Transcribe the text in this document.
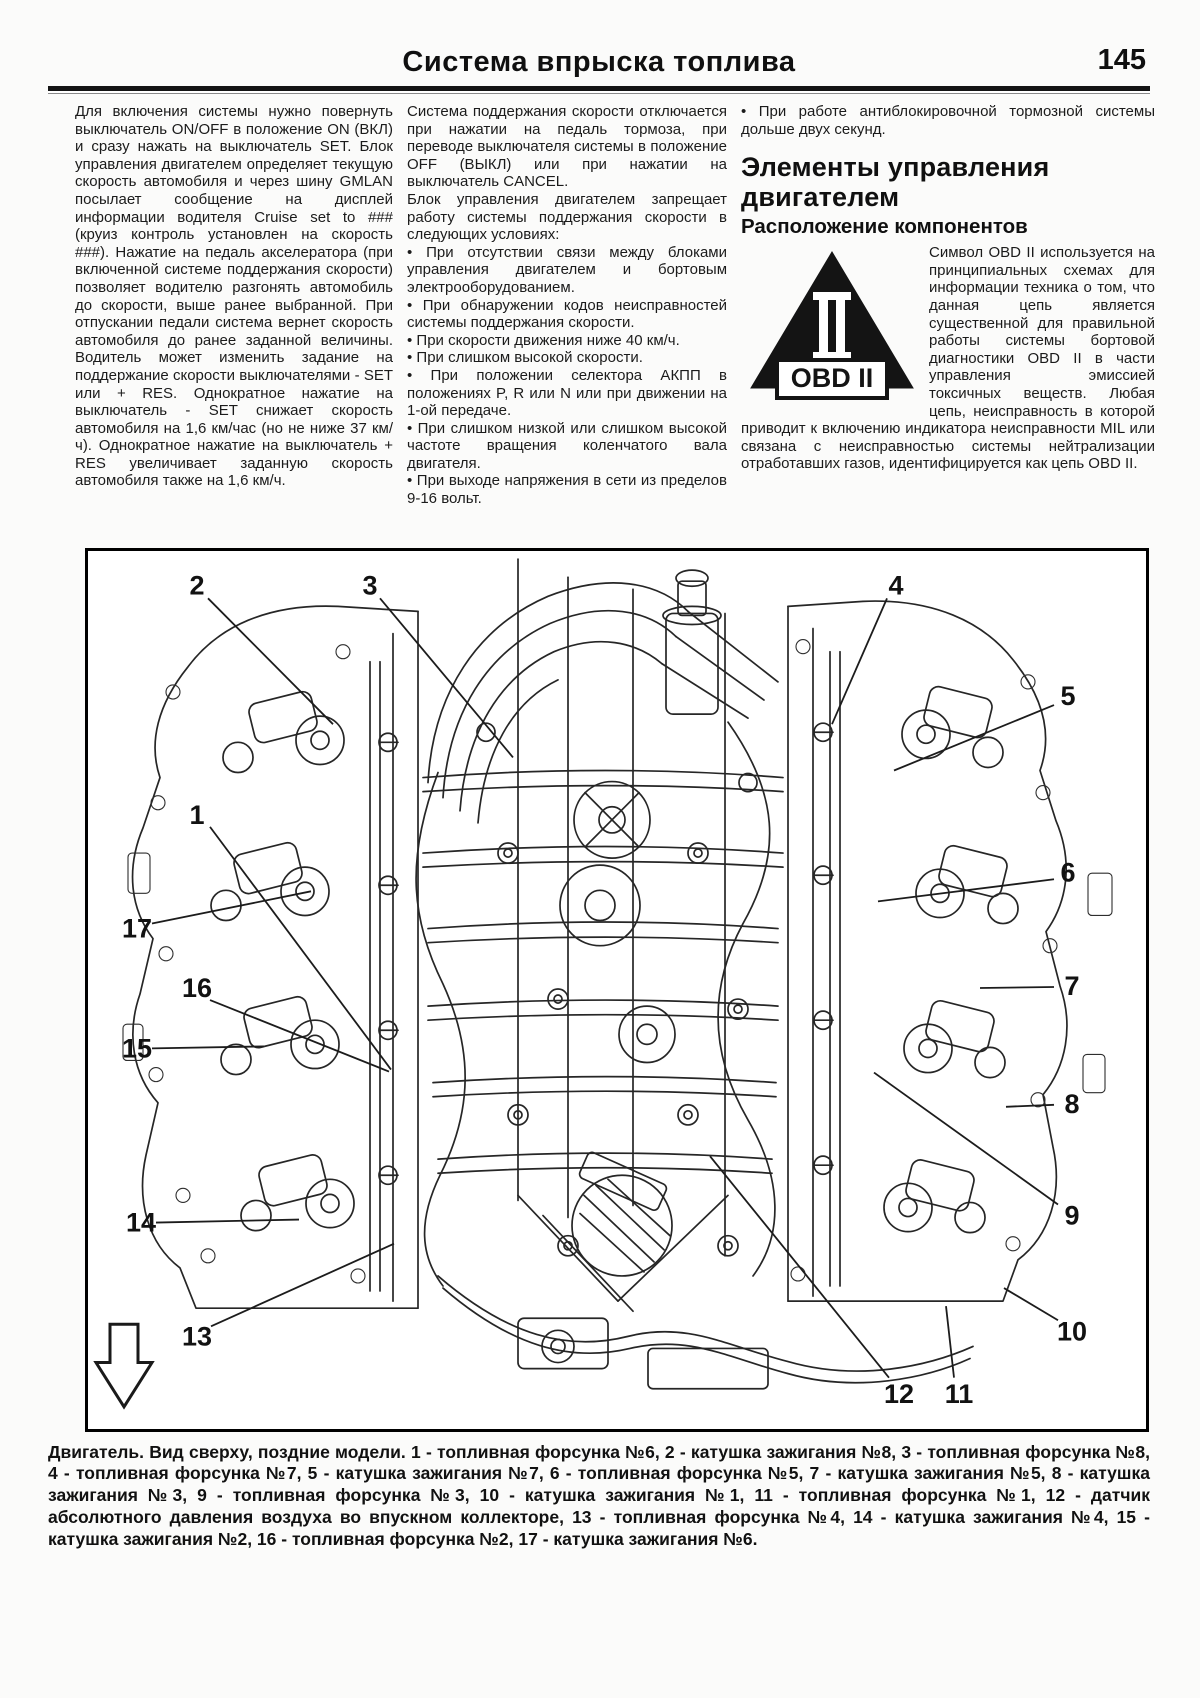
Система впрыска топлива	145

Для включения системы нужно повернуть выключатель ON/OFF в положение ON (ВКЛ) и сразу нажать на выключатель SET. Блок управления двигателем определяет текущую скорость автомобиля и через шину GMLAN посылает сообщение на дисплей информации водителя Cruise set to ### (круиз контроль установлен на скорость ###). Нажатие на педаль акселератора (при включенной системе поддержания скорости) позволяет водителю разгонять автомобиль до скорости, выше ранее выбранной. При отпускании педали система вернет скорость автомобиля до ранее заданной величины. Водитель может изменить задание на поддержание скорости выключателями - SET или + RES. Однократное нажатие на выключатель - SET снижает скорость автомобиля на 1,6 км/час (но не ниже 37 км/ч). Однократное нажатие на выключатель + RES увеличивает заданную скорость автомобиля также на 1,6 км/ч.

Система поддержания скорости отключается при нажатии на педаль тормоза, при переводе выключателя системы в положение OFF (ВЫКЛ) или при нажатии на выключатель CANCEL.

Блок управления двигателем запрещает работу системы поддержания скорости в следующих условиях:

• При отсутствии связи между блоками управления двигателем и бортовым электрооборудованием.

• При обнаружении кодов неисправностей системы поддержания скорости.

• При скорости движения ниже 40 км/ч.

• При слишком высокой скорости.

• При положении селектора АКПП в положениях P, R или N или при движении на 1-ой передаче.

• При слишком низкой или слишком высокой частоте вращения коленчатого вала двигателя.

• При выходе напряжения в сети из пределов 9-16 вольт.

• При работе антиблокировочной тормозной системы дольше двух секунд.

Элементы управления двигателем

Расположение компонентов

OBD II

Символ OBD II используется на принципиальных схемах для информации техника о том, что данная цепь является существенной для правильной работы системы бортовой диагностики OBD II в части управления эмиссией токсичных веществ. Любая цепь, неисправность в которой приводит к включению индикатора неисправности MIL или связана с неисправностью системы нейтрализации отработавших газов, идентифицируется как цепь OBD II.

1
2	3	4
5
6
7
8
9
10
11
12
13
14
15
16
17

Двигатель. Вид сверху, поздние модели. 1 - топливная форсунка №6, 2 - катушка зажигания №8, 3 - топливная форсунка №8, 4 - топливная форсунка №7, 5 - катушка зажигания №7, 6 - топливная форсунка №5, 7 - катушка зажигания №5, 8 - катушка зажигания №3, 9 - топливная форсунка №3, 10 - катушка зажигания №1, 11 - топливная форсунка №1, 12 - датчик абсолютного давления воздуха во впускном коллекторе, 13 - топливная форсунка №4, 14 - катушка зажигания №4, 15 - катушка зажигания №2, 16 - топливная форсунка №2, 17 - катушка зажигания №6.
